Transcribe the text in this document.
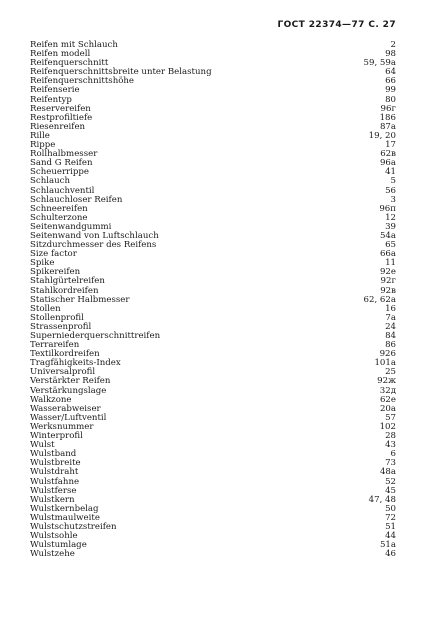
ГОСТ 22374—77 С. 27
Reifen mit Schlauch	2
Reifen modell	98
Reifenquerschnitt	59, 59а
Reifenquerschnittsbreite unter Belastung	64
Reifenquerschnittshöhe	66
Reifenserie	99
Reifentyp	80
Reservereifen	96г
Restprofiltiefe	186
Riesenreifen	87а
Rille	19, 20
Rippe	17
Rollhalbmesser	62в
Sand G Reifen	96а
Scheuerrippe	41
Schlauch	5
Schlauchventil	56
Schlauchloser Reifen	3
Schneereifen	96п
Schulterzone	12
Seitenwandgummi	39
Seitenwand von Luftschlauch	54а
Sitzdurchmesser des Reifens	65
Size factor	66а
Spike	11
Spikereifen	92е
Stahlgürtelreifen	92г
Stahlkordreifen	92в
Statischer Halbmesser	62, 62а
Stollen	16
Stollenprofil	7а
Strassenprofil	24
Superniederquerschnittreifen	84
Terrareifen	86
Textilkordreifen	926
Tragfähigkeits-Index	101а
Universalprofil	25
Verstärkter Reifen	92ж
Verstärkungslage	32д
Walkzone	62е
Wasserabweiser	20а
Wasser/Luftventil	57
Werksnummer	102
Winterprofil	28
Wulst	43
Wulstband	6
Wulstbreite	73
Wulstdraht	48а
Wulstfahne	52
Wulstferse	45
Wulstkern	47, 48
Wulstkernbelag	50
Wulstmaulweite	72
Wulstschutzstreifen	51
Wulstsohle	44
Wulstumlage	51а
Wulstzehe	46
